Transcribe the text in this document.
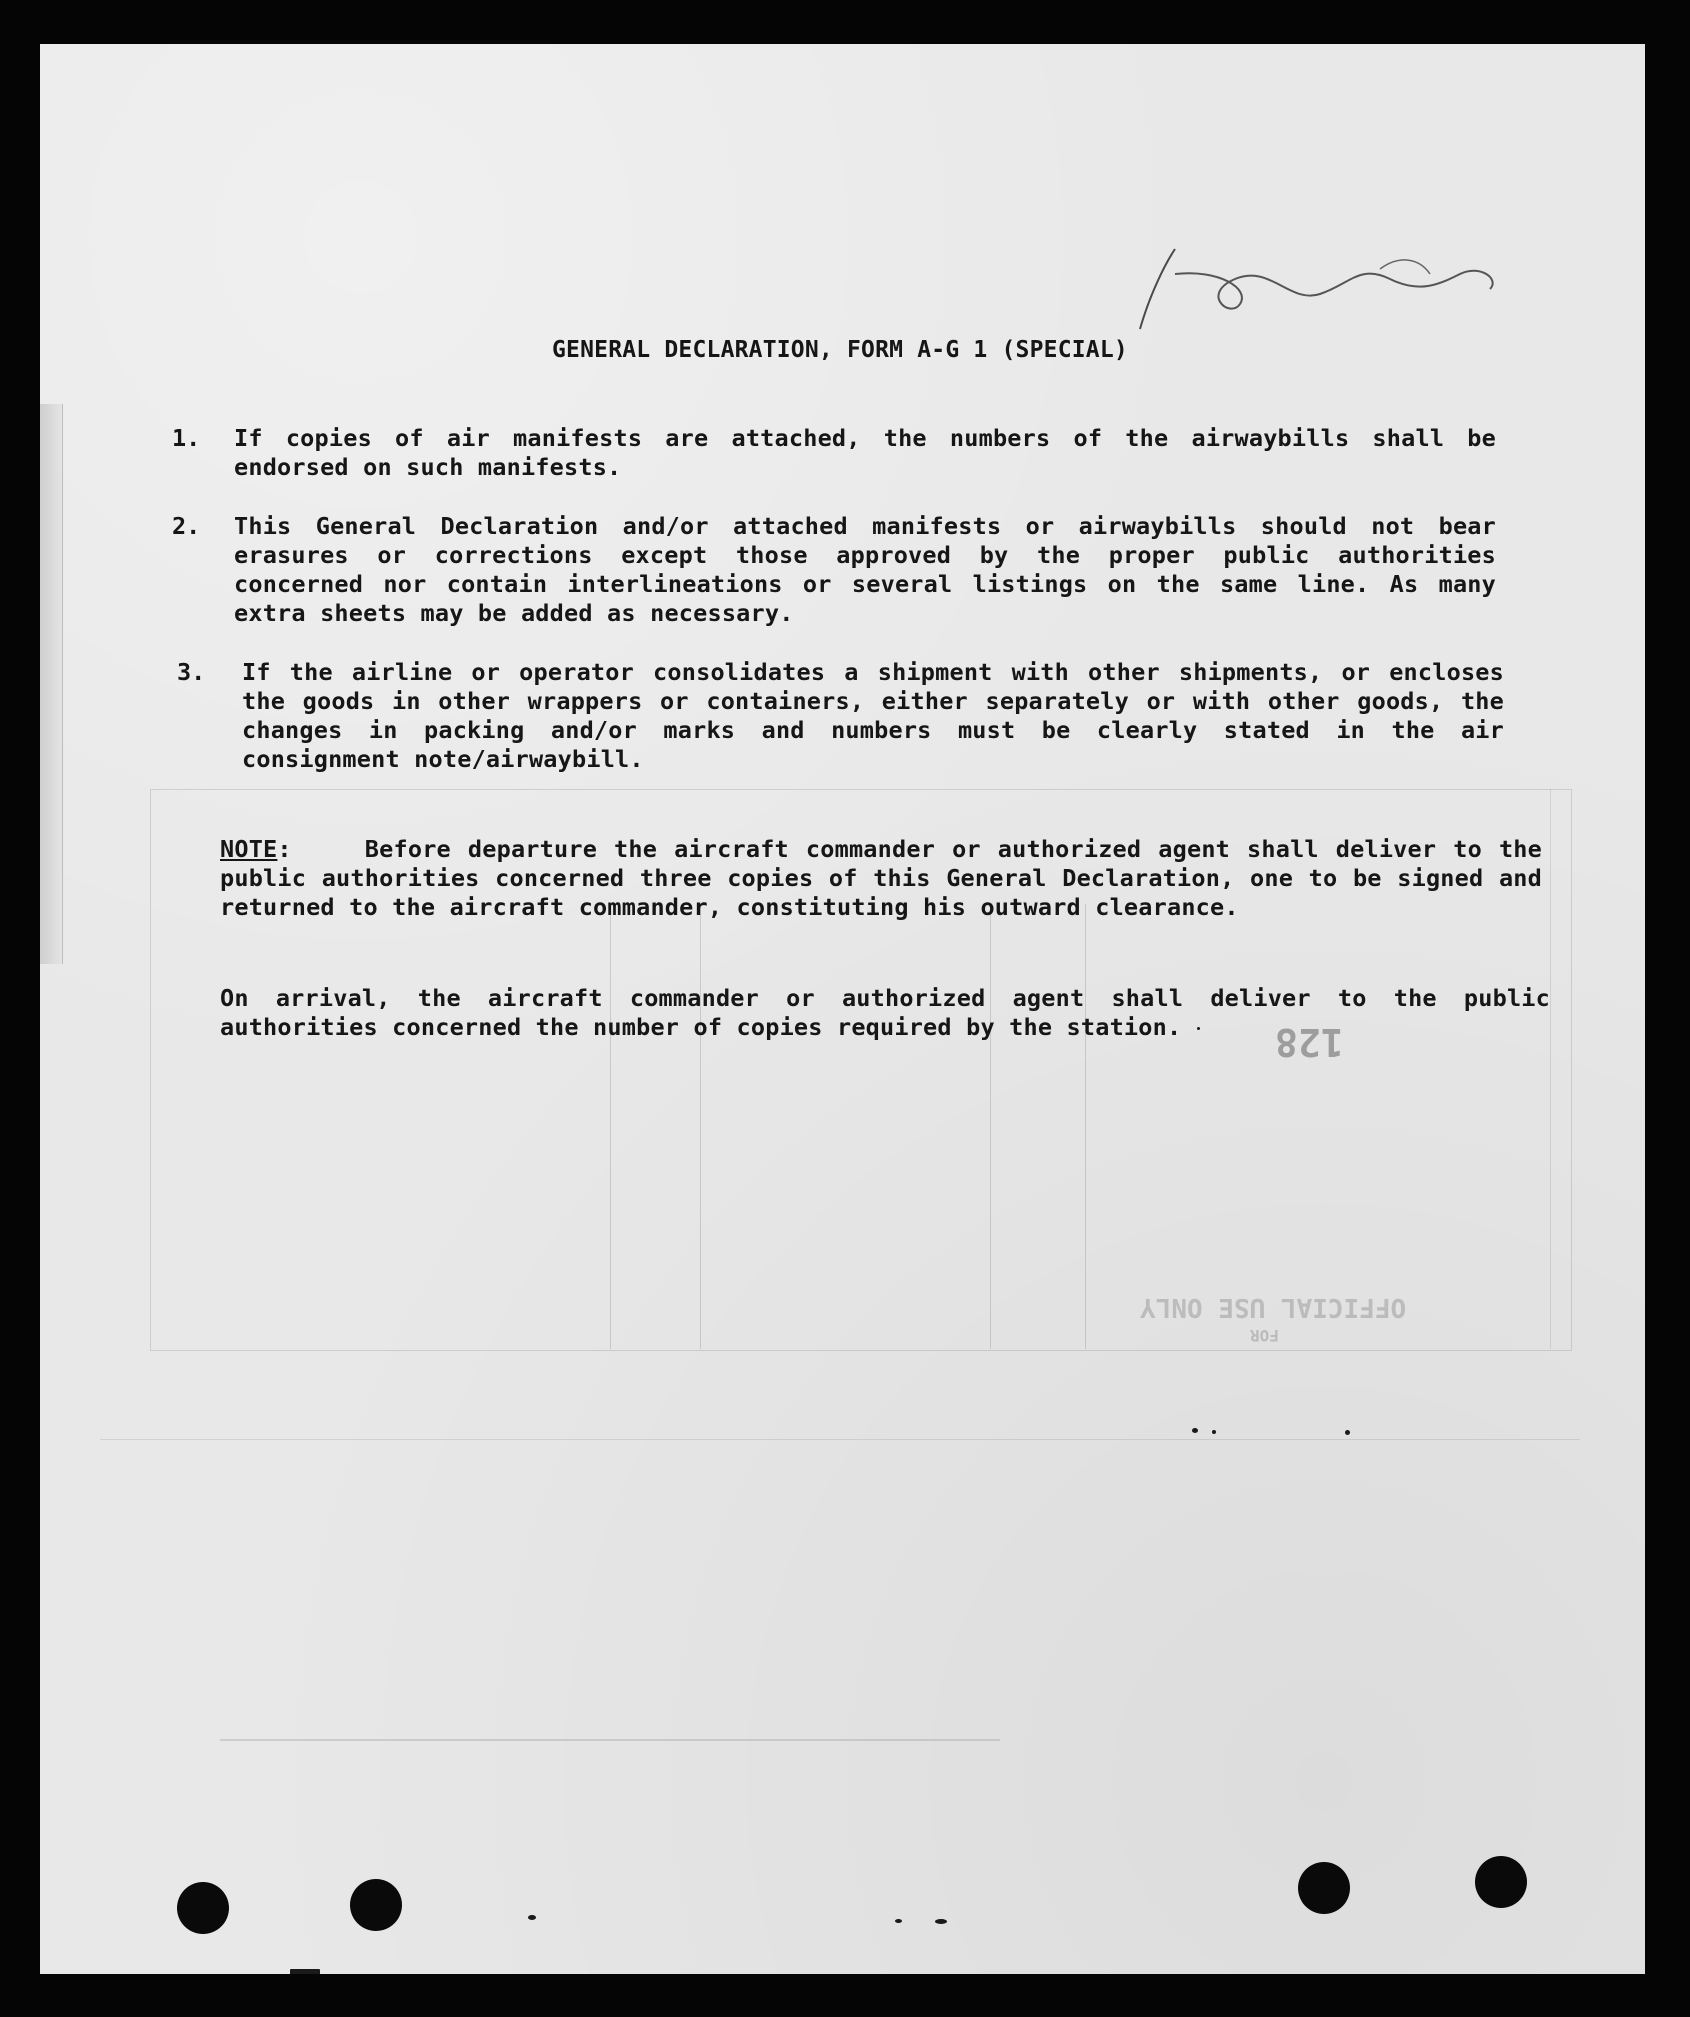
128
OFFICIAL USE ONLY
FOR
GENERAL DECLARATION, FORM A-G 1 (SPECIAL)
1. If copies of air manifests are attached, the numbers of the airwaybills shall be endorsed on such manifests.
2. This General Declaration and/or attached manifests or airwaybills should not bear erasures or corrections except those approved by the proper public authorities concerned nor contain interlineations or several listings on the same line. As many extra sheets may be added as necessary.
3. If the airline or operator consolidates a shipment with other shipments, or encloses the goods in other wrappers or containers, either separately or with other goods, the changes in packing and/or marks and numbers must be clearly stated in the air consignment note/airwaybill.
NOTE:	Before departure the aircraft commander or authorized agent shall deliver to the public authorities concerned three copies of this General Declaration, one to be signed and returned to the aircraft commander, constituting his outward clearance.
On arrival, the aircraft commander or authorized agent shall deliver to the public authorities concerned the number of copies required by the station.
